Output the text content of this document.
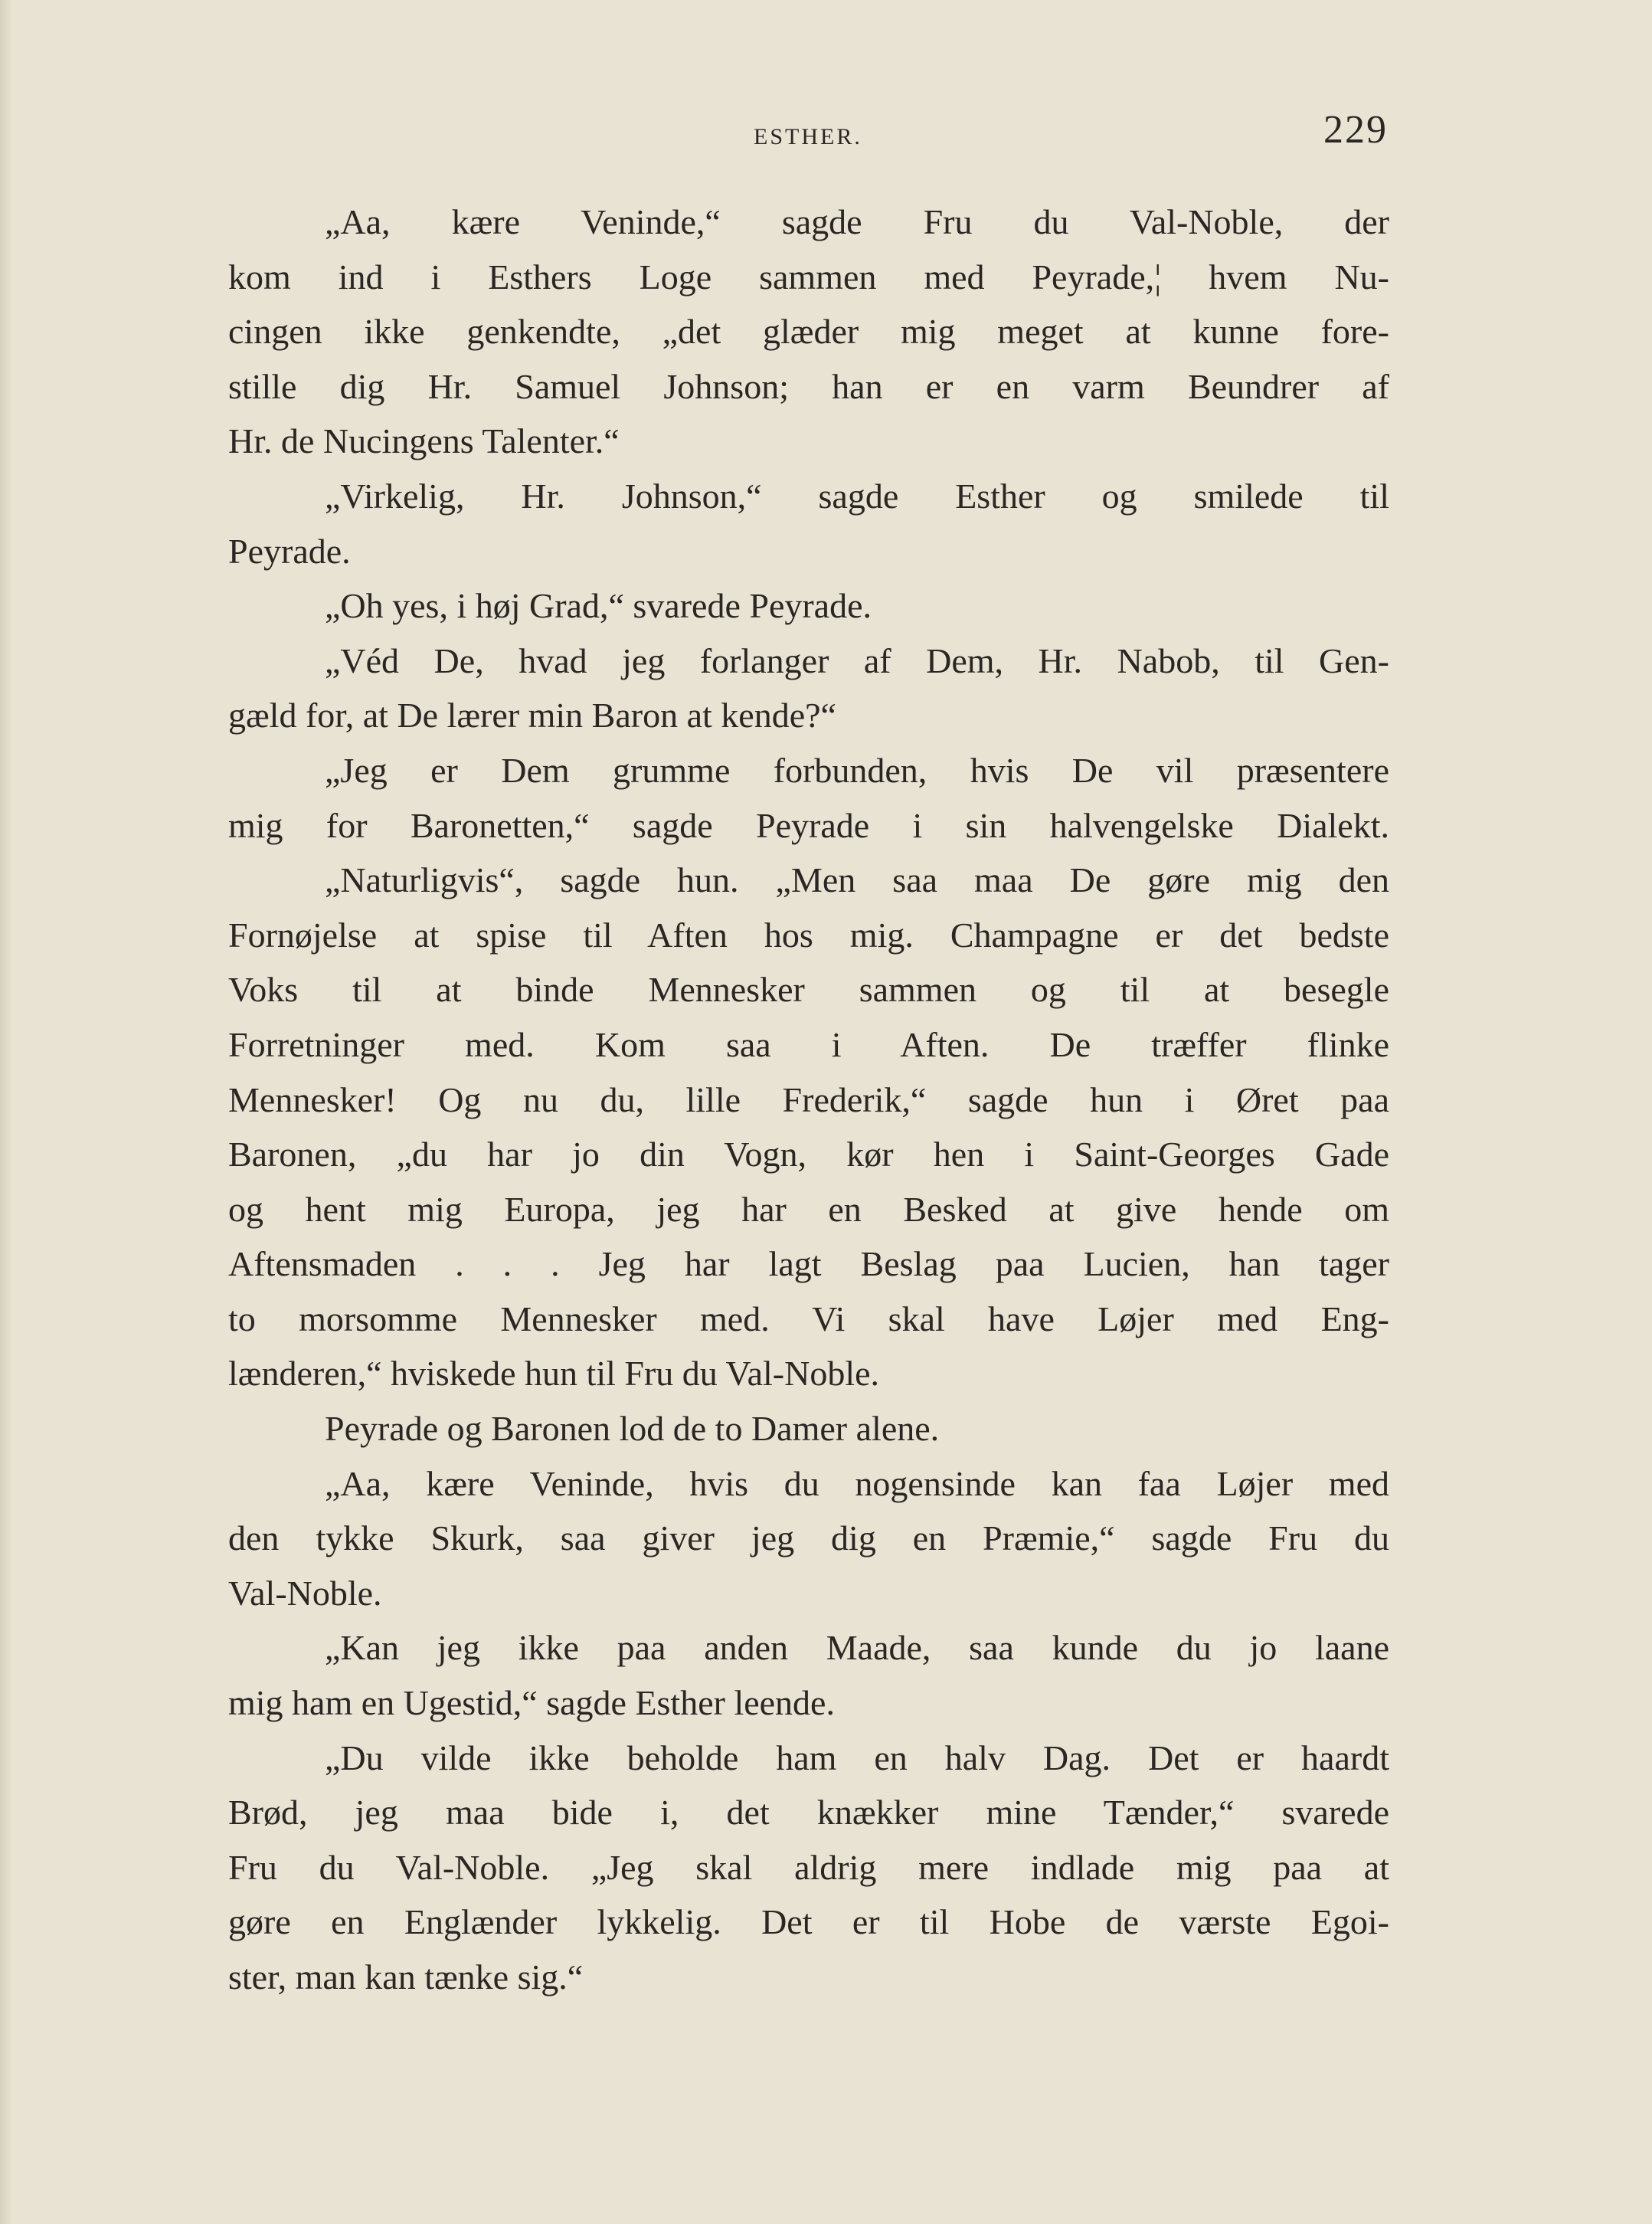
ESTHER.	229
„Aa, kære Veninde,“ sagde Fru du Val-Noble, der
kom ind i Esthers Loge sammen med Peyrade,¦ hvem Nu-
cingen ikke genkendte, „det glæder mig meget at kunne fore-
stille dig Hr. Samuel Johnson; han er en varm Beundrer af
Hr. de Nucingens Talenter.“
„Virkelig, Hr. Johnson,“ sagde Esther og smilede til
Peyrade.
„Oh yes, i høj Grad,“ svarede Peyrade.
„Véd De, hvad jeg forlanger af Dem, Hr. Nabob, til Gen-
gæld for, at De lærer min Baron at kende?“
„Jeg er Dem grumme forbunden, hvis De vil præsentere
mig for Baronetten,“ sagde Peyrade i sin halvengelske Dialekt.
„Naturligvis“, sagde hun. „Men saa maa De gøre mig den
Fornøjelse at spise til Aften hos mig. Champagne er det bedste
Voks til at binde Mennesker sammen og til at besegle
Forretninger med. Kom saa i Aften. De træffer flinke
Mennesker! Og nu du, lille Frederik,“ sagde hun i Øret paa
Baronen, „du har jo din Vogn, kør hen i Saint-Georges Gade
og hent mig Europa, jeg har en Besked at give hende om
Aftensmaden . . . Jeg har lagt Beslag paa Lucien, han tager
to morsomme Mennesker med. Vi skal have Løjer med Eng-
lænderen,“ hviskede hun til Fru du Val-Noble.
Peyrade og Baronen lod de to Damer alene.
„Aa, kære Veninde, hvis du nogensinde kan faa Løjer med
den tykke Skurk, saa giver jeg dig en Præmie,“ sagde Fru du
Val-Noble.
„Kan jeg ikke paa anden Maade, saa kunde du jo laane
mig ham en Ugestid,“ sagde Esther leende.
„Du vilde ikke beholde ham en halv Dag. Det er haardt
Brød, jeg maa bide i, det knækker mine Tænder,“ svarede
Fru du Val-Noble. „Jeg skal aldrig mere indlade mig paa at
gøre en Englænder lykkelig. Det er til Hobe de værste Egoi-
ster, man kan tænke sig.“
